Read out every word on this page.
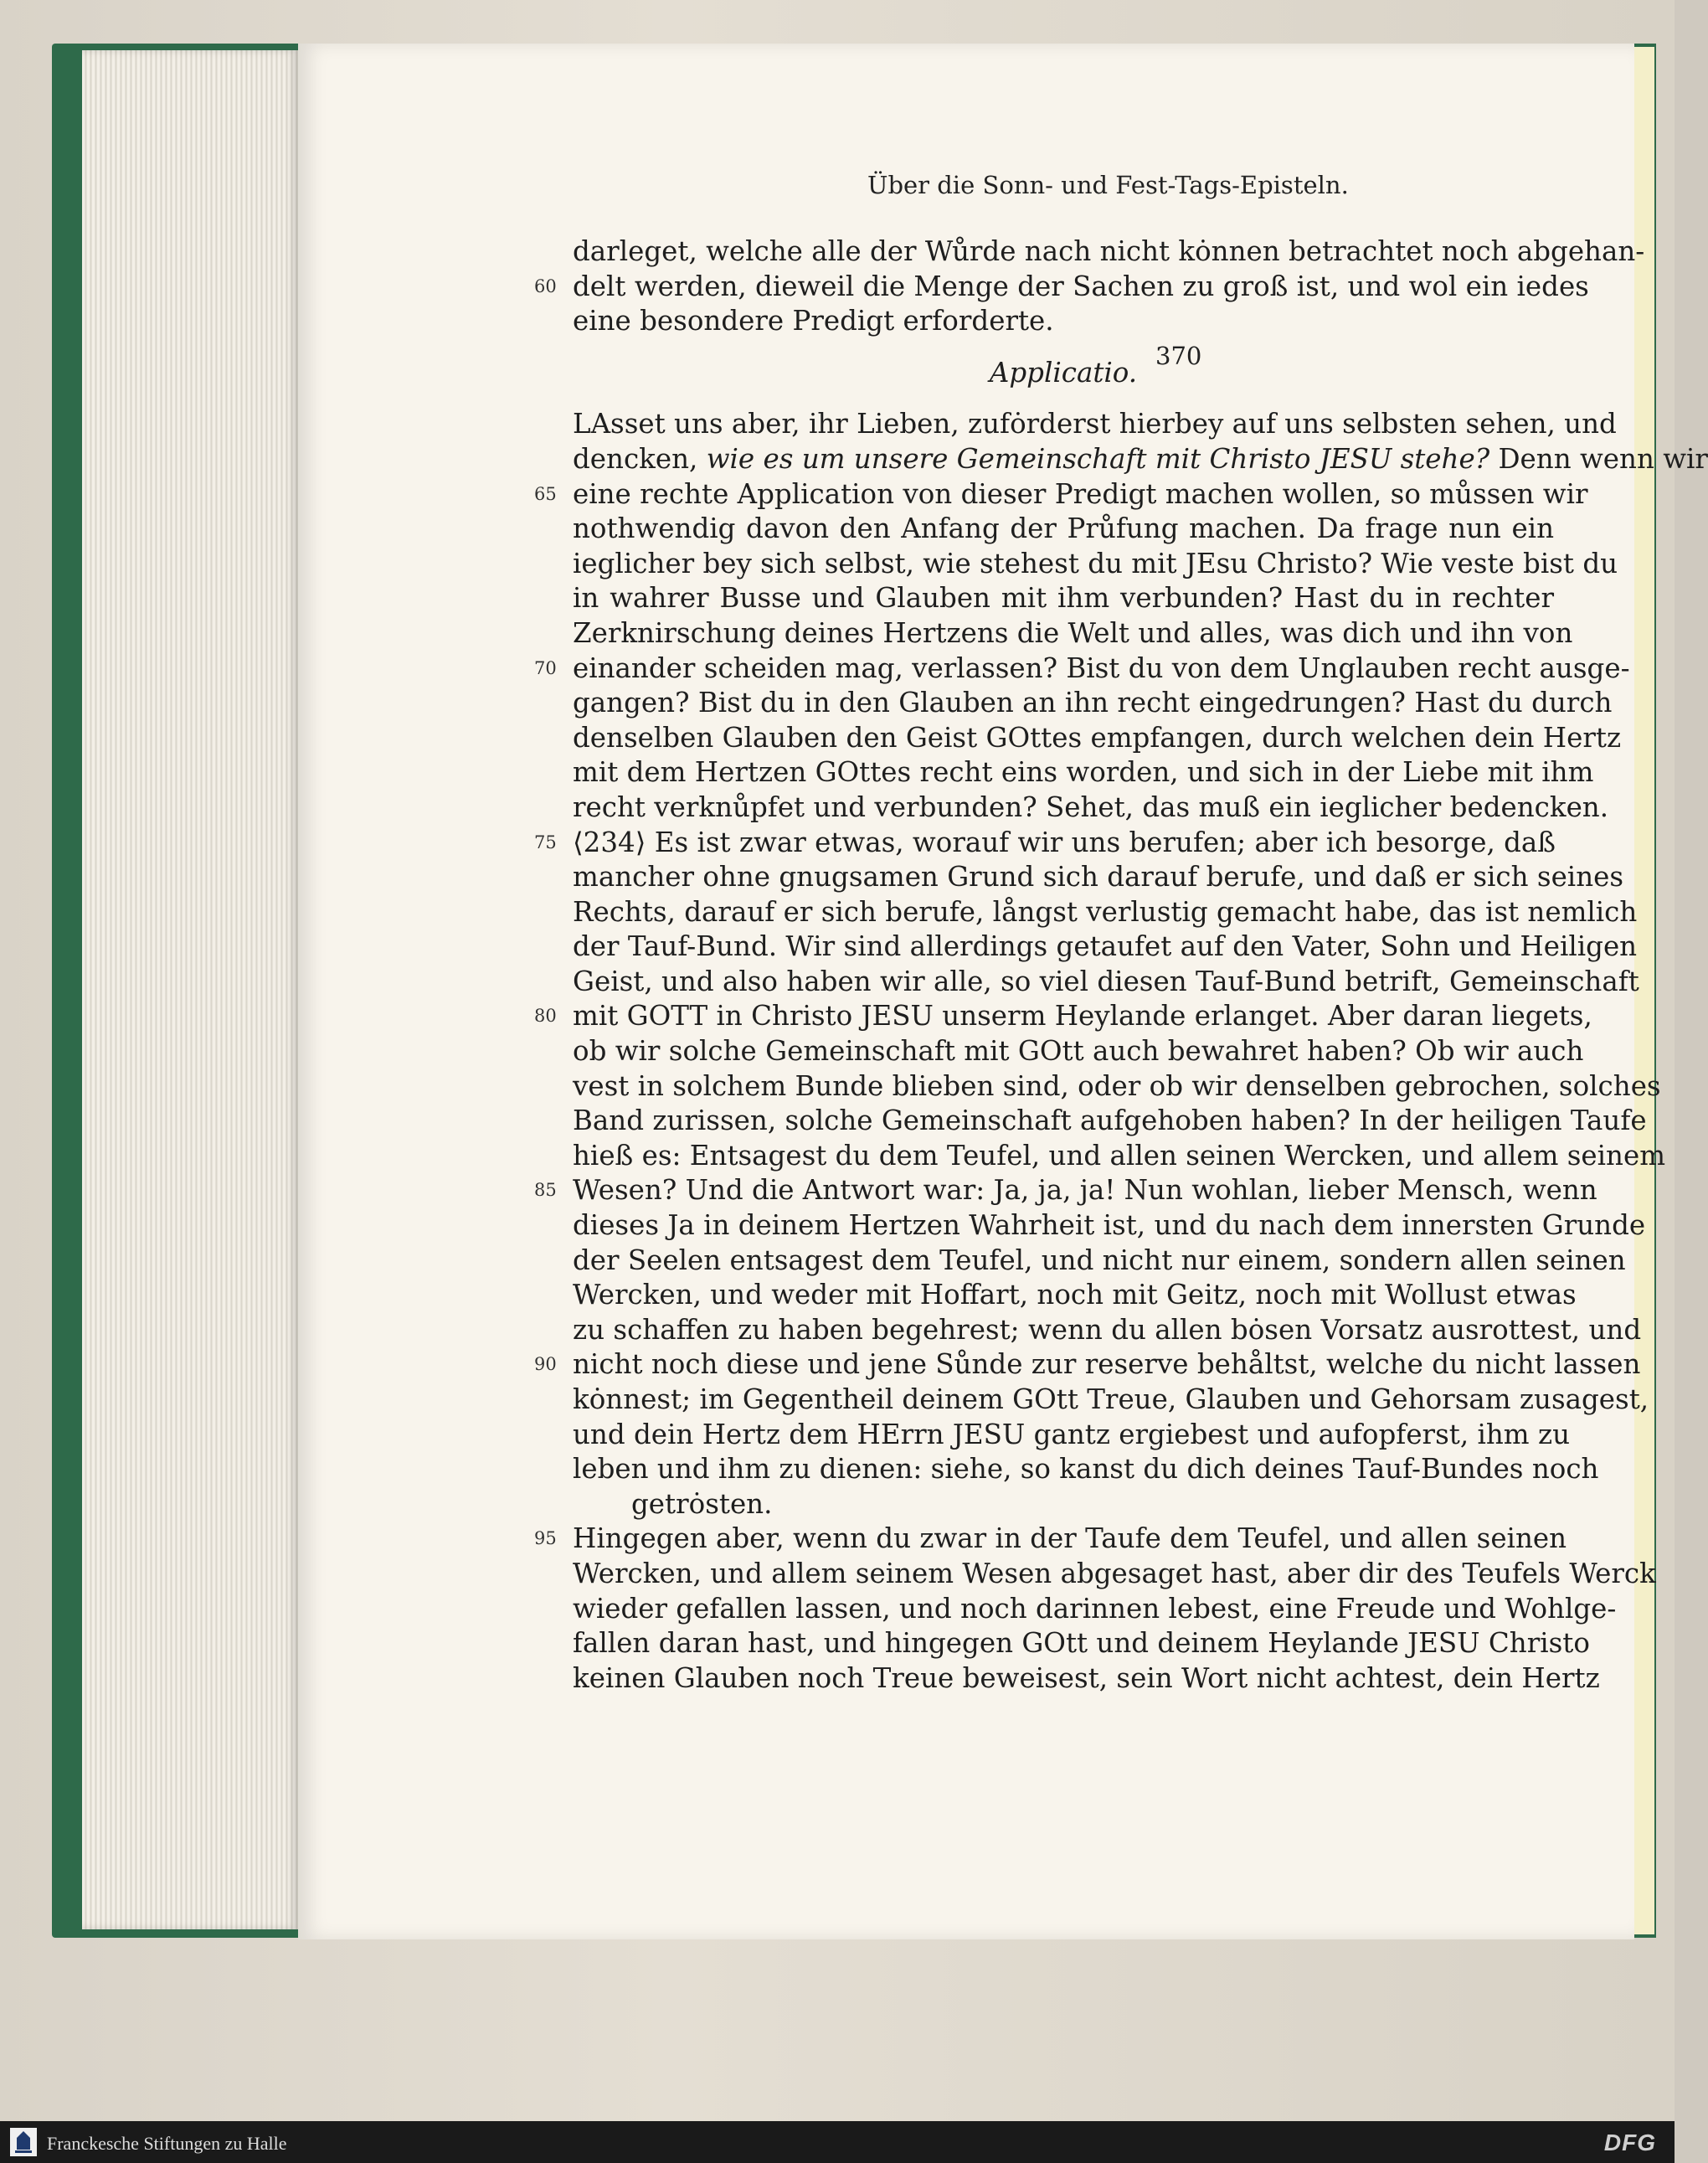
370
Über die Sonn- und Fest-Tags-Episteln.
darleget, welche alle der Wůrde nach nicht kȯnnen betrachtet noch abgehan-
60 delt werden, dieweil die Menge der Sachen zu groß ist, und wol ein iedes
eine besondere Predigt erforderte.
Applicatio.
LAsset uns aber, ihr Lieben, zufȯrderst hierbey auf uns selbsten sehen, und
dencken, wie es um unsere Gemeinschaft mit Christo JESU stehe? Denn wenn wir
65 eine rechte Application von dieser Predigt machen wollen, so můssen wir
nothwendig davon den Anfang der Průfung machen. Da frage nun ein
ieglicher bey sich selbst, wie stehest du mit JEsu Christo? Wie veste bist du
in wahrer Busse und Glauben mit ihm verbunden? Hast du in rechter
Zerknirschung deines Hertzens die Welt und alles, was dich und ihn von
70 einander scheiden mag, verlassen? Bist du von dem Unglauben recht ausge-
gangen? Bist du in den Glauben an ihn recht eingedrungen? Hast du durch
denselben Glauben den Geist GOttes empfangen, durch welchen dein Hertz
mit dem Hertzen GOttes recht eins worden, und sich in der Liebe mit ihm
recht verknůpfet und verbunden? Sehet, das muß ein ieglicher bedencken.
75 ⟨234⟩ Es ist zwar etwas, worauf wir uns berufen; aber ich besorge, daß
mancher ohne gnugsamen Grund sich darauf berufe, und daß er sich seines
Rechts, darauf er sich berufe, långst verlustig gemacht habe, das ist nemlich
der Tauf-Bund. Wir sind allerdings getaufet auf den Vater, Sohn und Heiligen
Geist, und also haben wir alle, so viel diesen Tauf-Bund betrift, Gemeinschaft
80 mit GOTT in Christo JESU unserm Heylande erlanget. Aber daran liegets,
ob wir solche Gemeinschaft mit GOtt auch bewahret haben? Ob wir auch
vest in solchem Bunde blieben sind, oder ob wir denselben gebrochen, solches
Band zurissen, solche Gemeinschaft aufgehoben haben? In der heiligen Taufe
hieß es: Entsagest du dem Teufel, und allen seinen Wercken, und allem seinem
85 Wesen? Und die Antwort war: Ja, ja, ja! Nun wohlan, lieber Mensch, wenn
dieses Ja in deinem Hertzen Wahrheit ist, und du nach dem innersten Grunde
der Seelen entsagest dem Teufel, und nicht nur einem, sondern allen seinen
Wercken, und weder mit Hoffart, noch mit Geitz, noch mit Wollust etwas
zu schaffen zu haben begehrest; wenn du allen bȯsen Vorsatz ausrottest, und
90 nicht noch diese und jene Sůnde zur reserve behåltst, welche du nicht lassen
kȯnnest; im Gegentheil deinem GOtt Treue, Glauben und Gehorsam zusagest,
und dein Hertz dem HErrn JESU gantz ergiebest und aufopferst, ihm zu
leben und ihm zu dienen: siehe, so kanst du dich deines Tauf-Bundes noch
getrȯsten.
95 Hingegen aber, wenn du zwar in der Taufe dem Teufel, und allen seinen
Wercken, und allem seinem Wesen abgesaget hast, aber dir des Teufels Werck
wieder gefallen lassen, und noch darinnen lebest, eine Freude und Wohlge-
fallen daran hast, und hingegen GOtt und deinem Heylande JESU Christo
keinen Glauben noch Treue beweisest, sein Wort nicht achtest, dein Hertz
Franckesche Stiftungen zu Halle	DFG
